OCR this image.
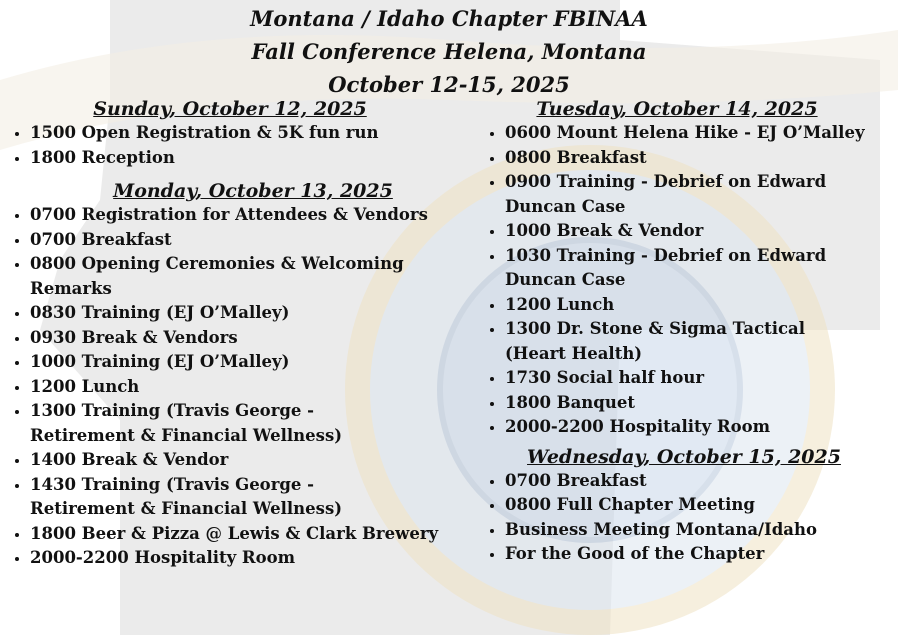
Montana / Idaho Chapter FBINAA
Fall Conference Helena, Montana
October 12-15, 2025
Sunday, October 12, 2025
• 1500 Open Registration & 5K fun run
• 1800 Reception
Monday, October 13, 2025
• 0700 Registration for Attendees & Vendors
• 0700 Breakfast
• 0800 Opening Ceremonies & Welcoming Remarks
• 0830 Training (EJ O’Malley)
• 0930 Break & Vendors
• 1000 Training (EJ O’Malley)
• 1200 Lunch
• 1300 Training (Travis George - Retirement & Financial Wellness)
• 1400 Break & Vendor
• 1430 Training (Travis George - Retirement & Financial Wellness)
• 1800 Beer & Pizza @ Lewis & Clark Brewery
• 2000-2200 Hospitality Room
Tuesday, October 14, 2025
• 0600 Mount Helena Hike - EJ O’Malley
• 0800 Breakfast
• 0900 Training - Debrief on Edward Duncan Case
• 1000 Break & Vendor
• 1030 Training - Debrief on Edward Duncan Case
• 1200 Lunch
• 1300 Dr. Stone & Sigma Tactical (Heart Health)
• 1730 Social half hour
• 1800 Banquet
• 2000-2200 Hospitality Room
Wednesday, October 15, 2025
• 0700 Breakfast
• 0800 Full Chapter Meeting
• Business Meeting Montana/Idaho
• For the Good of the Chapter
